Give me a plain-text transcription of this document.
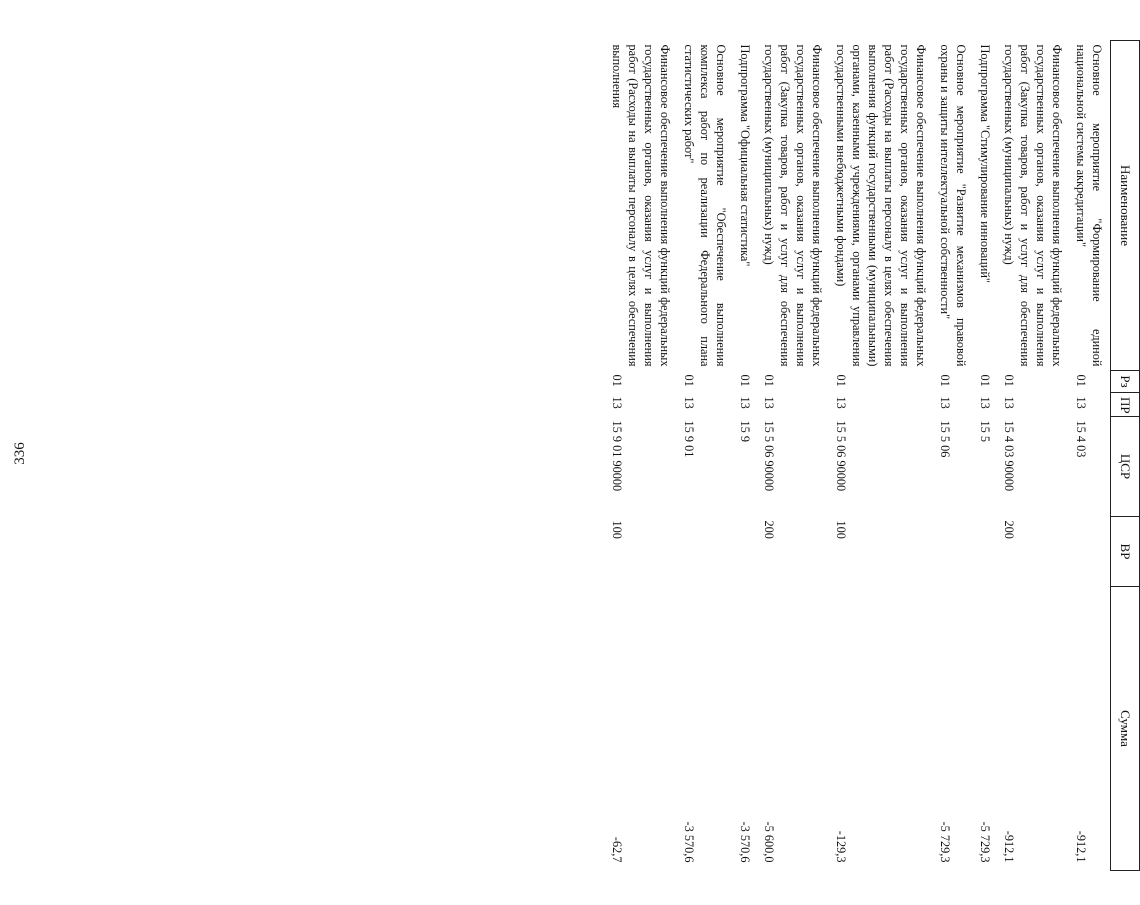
336
Наименование	Рз	ПР	ЦСР	ВР	Сумма
Основное мероприятие "Формирование единой национальной системы аккредитации"	01	13	15 4 03		-912,1
Финансовое обеспечение выполнения функций федеральных государственных органов, оказания услуг и выполнения работ (Закупка товаров, работ и услуг для обеспечения государственных (муниципальных) нужд)	01	13	15 4 03 90000	200	-912,1
Подпрограмма "Стимулирование инноваций"	01	13	15 5		-5 729,3
Основное мероприятие "Развитие механизмов правовой охраны и защиты интеллектуальной собственности"	01	13	15 5 06		-5 729,3
Финансовое обеспечение выполнения функций федеральных государственных органов, оказания услуг и выполнения работ (Расходы на выплаты персоналу в целях обеспечения выполнения функций государственными (муниципальными) органами, казенными учреждениями, органами управления государственными внебюджетными фондами)	01	13	15 5 06 90000	100	-129,3
Финансовое обеспечение выполнения функций федеральных государственных органов, оказания услуг и выполнения работ (Закупка товаров, работ и услуг для обеспечения государственных (муниципальных) нужд)	01	13	15 5 06 90000	200	-5 600,0
Подпрограмма "Официальная статистика"	01	13	15 9		-3 570,6
Основное мероприятие "Обеспечение выполнения комплекса работ по реализации Федерального плана статистических работ"	01	13	15 9 01		-3 570,6
Финансовое обеспечение выполнения функций федеральных государственных органов, оказания услуг и выполнения работ (Расходы на выплаты персоналу в целях обеспечения выполнения	01	13	15 9 01 90000	100	-62,7
